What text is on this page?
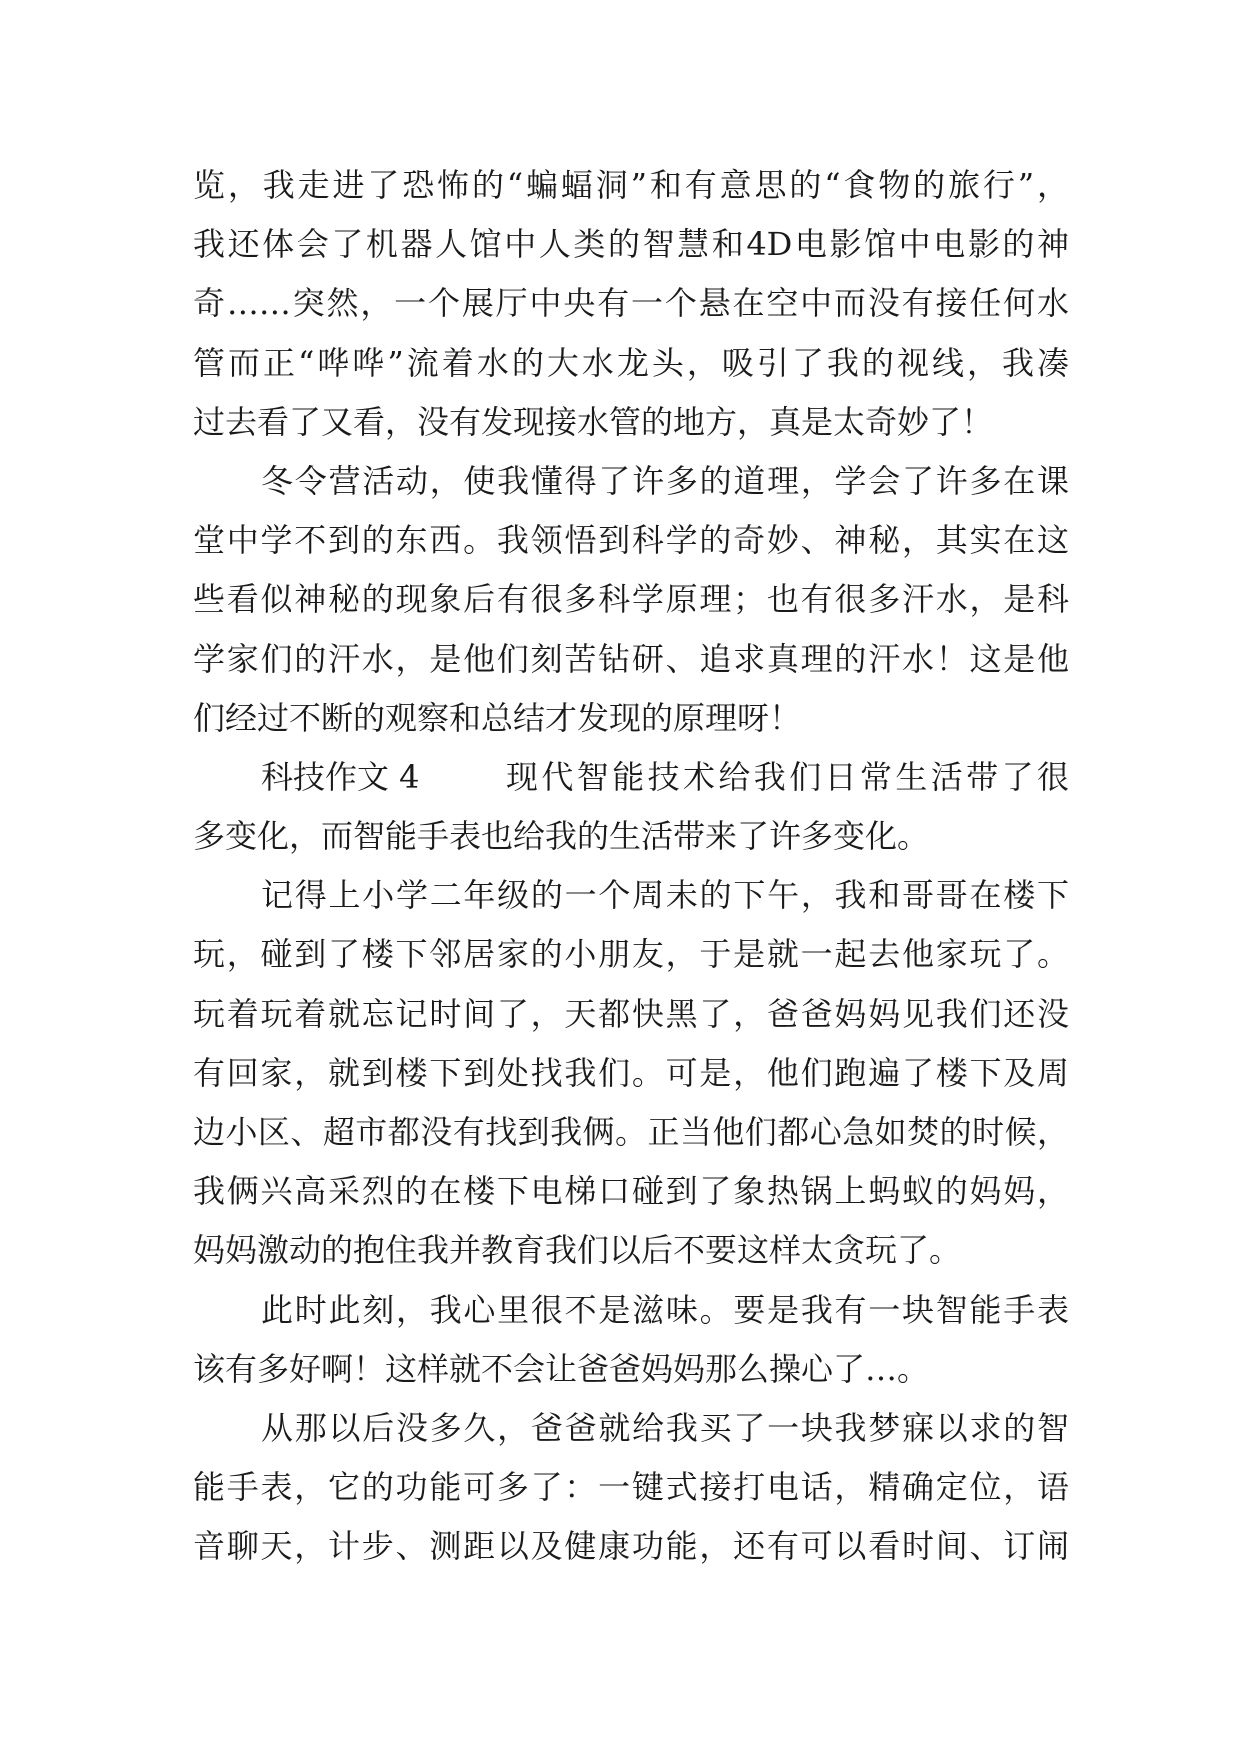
览，我走进了恐怖的“蝙蝠洞”和有意思的“食物的旅行”，
我还体会了机器人馆中人类的智慧和4D电影馆中电影的神
奇……突然，一个展厅中央有一个悬在空中而没有接任何水
管而正“哗哗”流着水的大水龙头，吸引了我的视线，我凑
过去看了又看，没有发现接水管的地方，真是太奇妙了！
冬令营活动，使我懂得了许多的道理，学会了许多在课
堂中学不到的东西。我领悟到科学的奇妙、神秘，其实在这
些看似神秘的现象后有很多科学原理；也有很多汗水，是科
学家们的汗水，是他们刻苦钻研、追求真理的汗水！这是他
们经过不断的观察和总结才发现的原理呀！
科技作文 4	现代智能技术给我们日常生活带了很
多变化，而智能手表也给我的生活带来了许多变化。
记得上小学二年级的一个周未的下午，我和哥哥在楼下
玩，碰到了楼下邻居家的小朋友，于是就一起去他家玩了。
玩着玩着就忘记时间了，天都快黑了，爸爸妈妈见我们还没
有回家，就到楼下到处找我们。可是，他们跑遍了楼下及周
边小区、超市都没有找到我俩。正当他们都心急如焚的时候，
我俩兴高采烈的在楼下电梯口碰到了象热锅上蚂蚁的妈妈，
妈妈激动的抱住我并教育我们以后不要这样太贪玩了。
此时此刻，我心里很不是滋味。要是我有一块智能手表
该有多好啊！这样就不会让爸爸妈妈那么操心了…。
从那以后没多久，爸爸就给我买了一块我梦寐以求的智
能手表，它的功能可多了：一键式接打电话，精确定位，语
音聊天，计步、测距以及健康功能，还有可以看时间、订闹
